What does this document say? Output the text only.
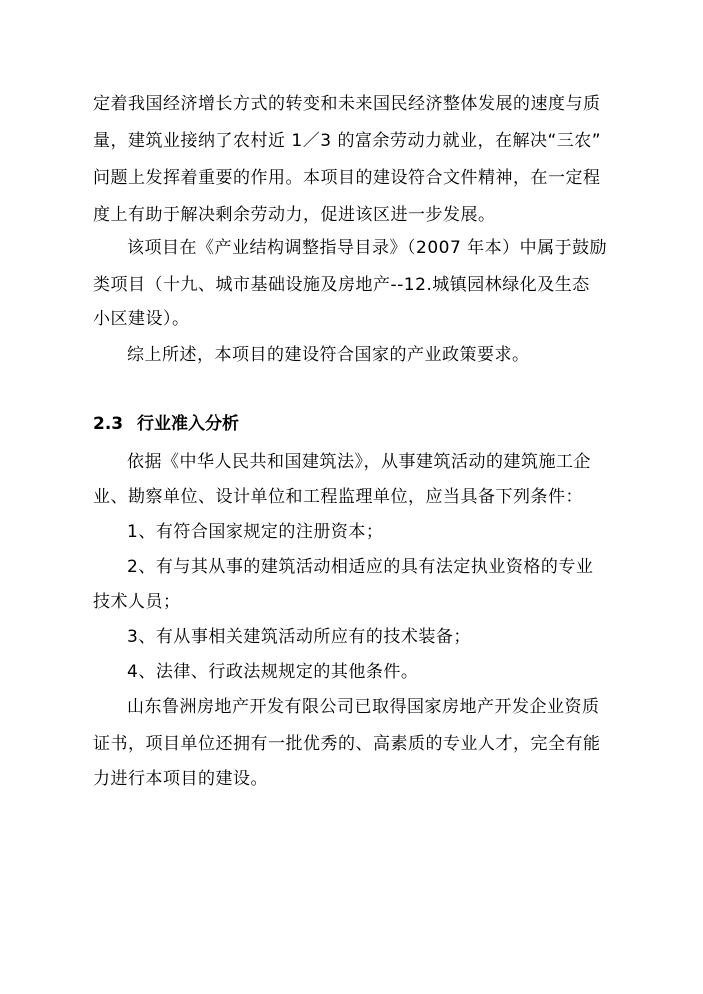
定着我国经济增长方式的转变和未来国民经济整体发展的速度与质
量，建筑业接纳了农村近 1／3 的富余劳动力就业，在解决“三农”
问题上发挥着重要的作用。本项目的建设符合文件精神，在一定程
度上有助于解决剩余劳动力，促进该区进一步发展。
该项目在《产业结构调整指导目录》（2007 年本）中属于鼓励
类项目（十九、城市基础设施及房地产--12.城镇园林绿化及生态
小区建设）。
综上所述，本项目的建设符合国家的产业政策要求。
2.3 行业准入分析
依据《中华人民共和国建筑法》，从事建筑活动的建筑施工企
业、勘察单位、设计单位和工程监理单位，应当具备下列条件：
1、有符合国家规定的注册资本；
2、有与其从事的建筑活动相适应的具有法定执业资格的专业
技术人员；
3、有从事相关建筑活动所应有的技术装备；
4、法律、行政法规规定的其他条件。
山东鲁洲房地产开发有限公司已取得国家房地产开发企业资质
证书，项目单位还拥有一批优秀的、高素质的专业人才，完全有能
力进行本项目的建设。
